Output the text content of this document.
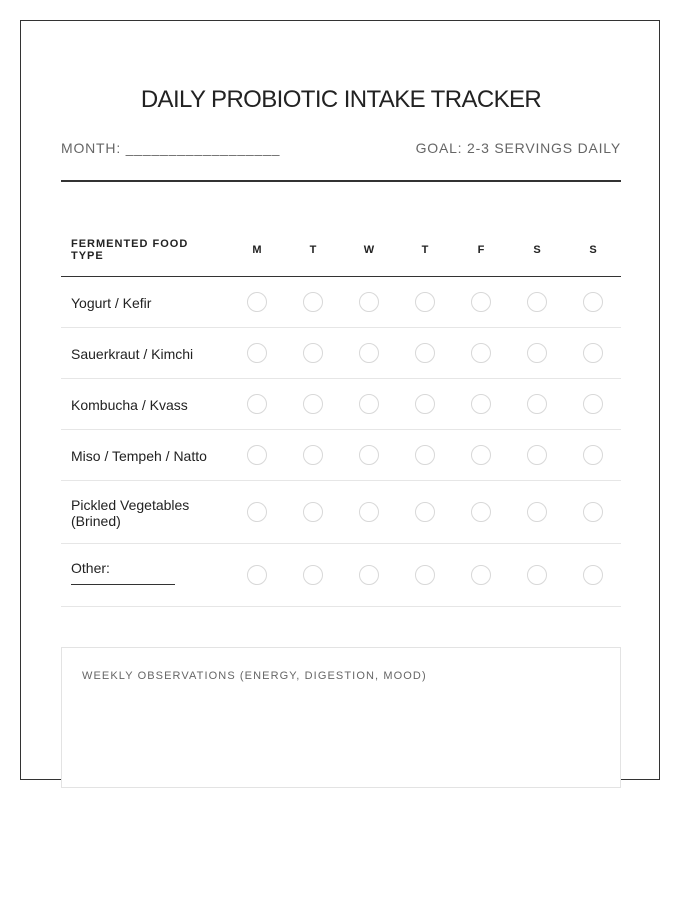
DAILY PROBIOTIC INTAKE TRACKER
MONTH: __________________	GOAL: 2-3 SERVINGS DAILY
FERMENTED FOOD TYPE	M	T	W	T	F	S	S
Yogurt / Kefir
Sauerkraut / Kimchi
Kombucha / Kvass
Miso / Tempeh / Natto
Pickled Vegetables (Brined)
Other:
WEEKLY OBSERVATIONS (ENERGY, DIGESTION, MOOD)
